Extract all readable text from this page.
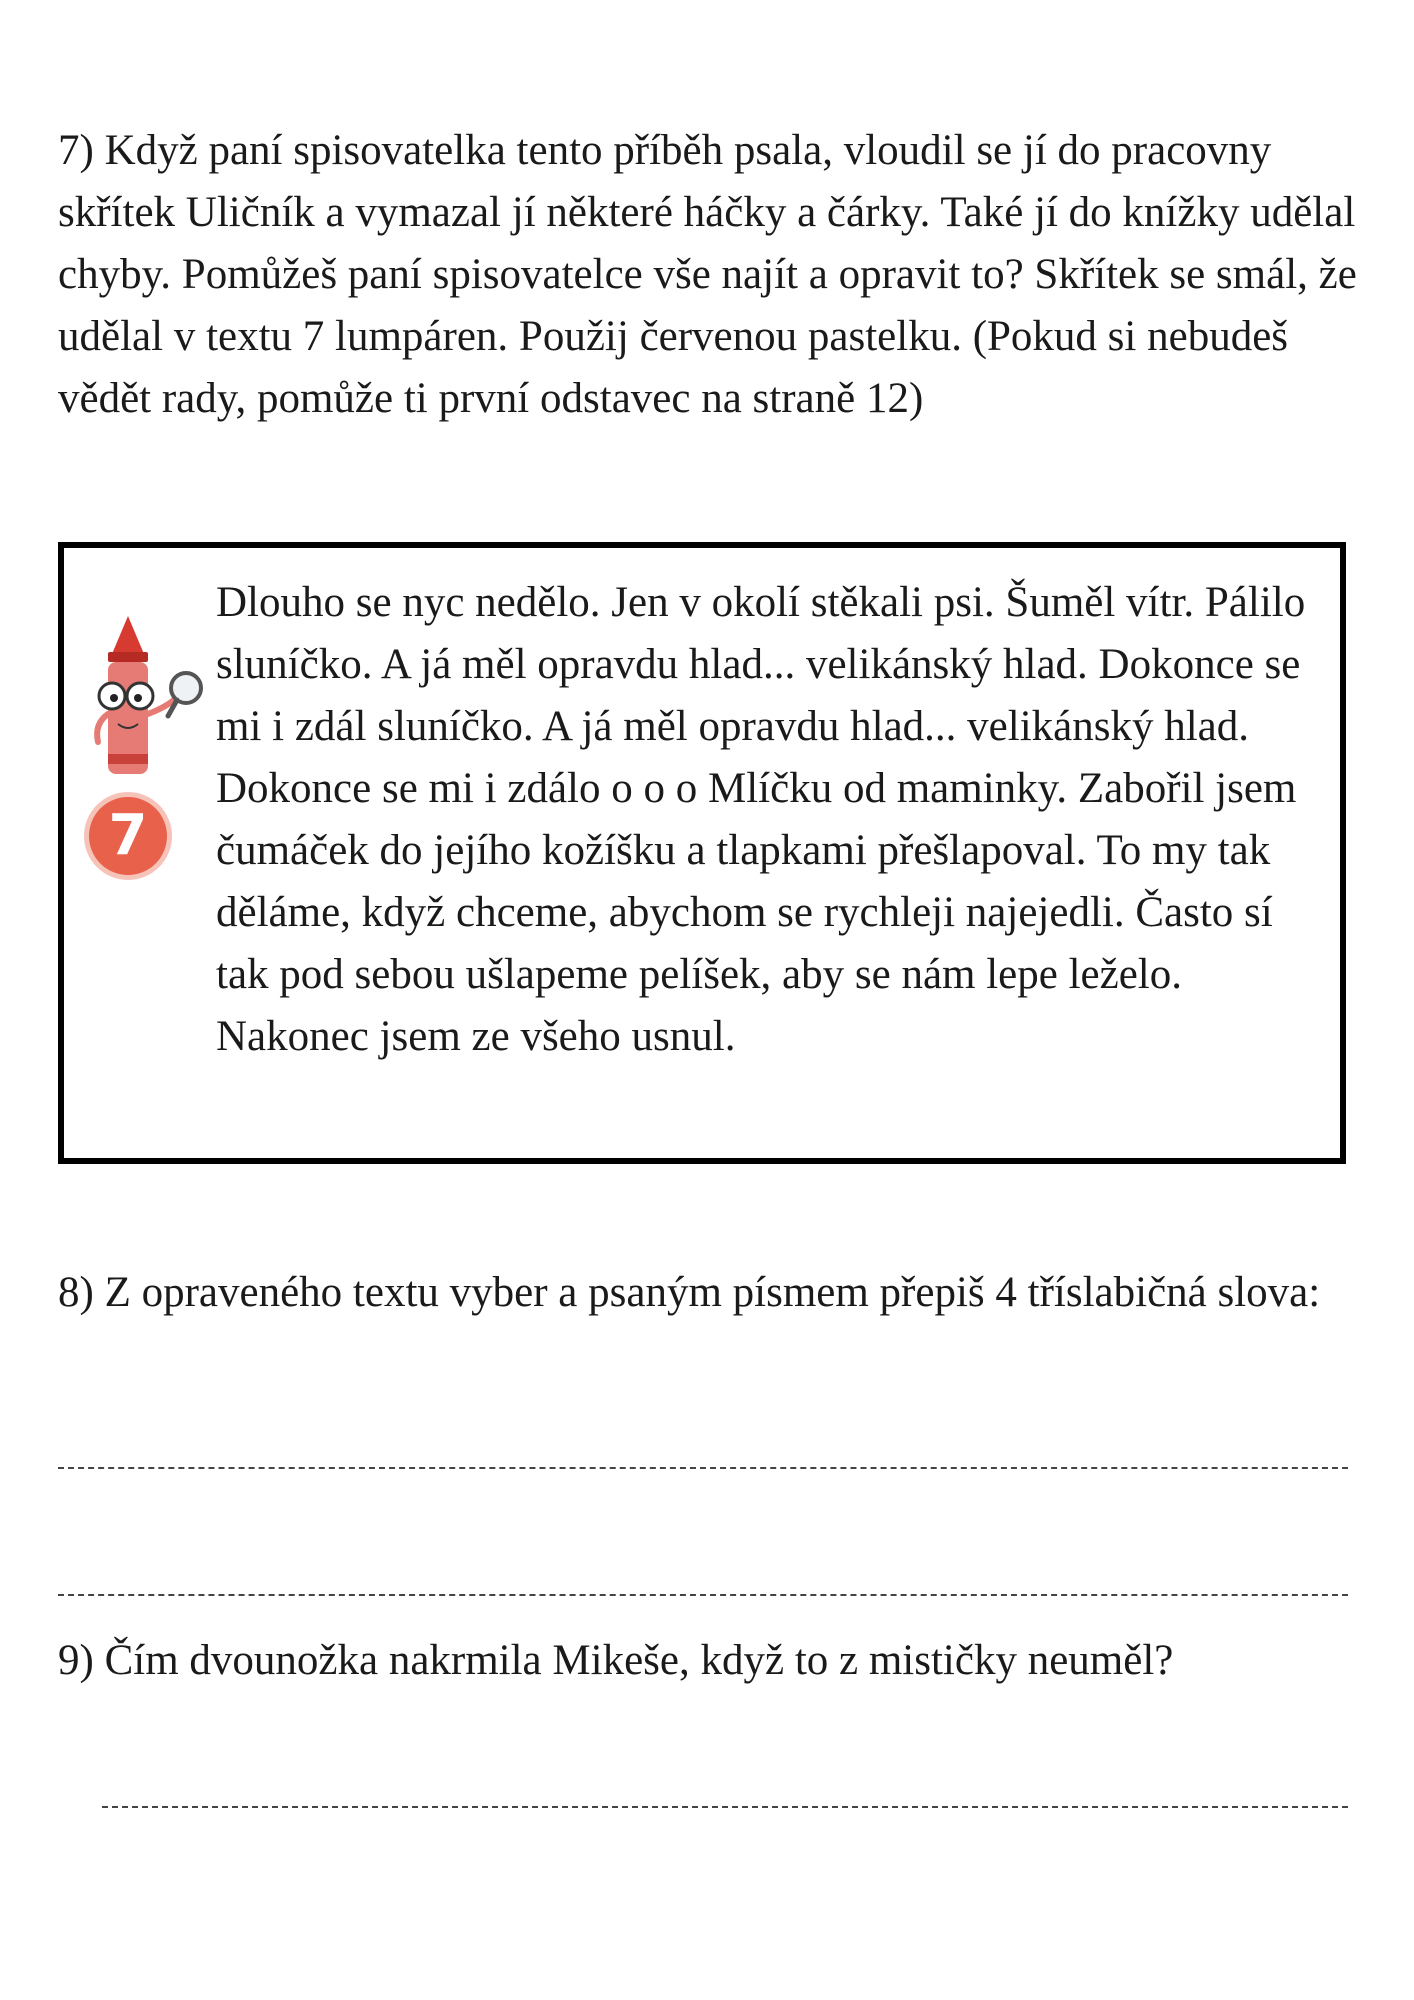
7) Když paní spisovatelka tento příběh psala, vloudil se jí do pracovny skřítek Uličník a vymazal jí některé háčky a čárky. Také jí do knížky udělal chyby. Pomůžeš paní spisovatelce vše najít a opravit to? Skřítek se smál, že udělal v textu 7 lumpáren. Použij červenou pastelku. (Pokud si nebudeš vědět rady, pomůže ti první odstavec na straně 12)

7

Dlouho se nyc nedělo. Jen v okolí stěkali psi. Šuměl vítr. Pálilo sluníčko. A já měl opravdu hlad... velikánský hlad. Dokonce se mi i zdál sluníčko. A já měl opravdu hlad... velikánský hlad. Dokonce se mi i zdálo o o o Mlíčku od maminky. Zabořil jsem čumáček do jejího kožíšku a tlapkami přešlapoval. To my tak děláme, když chceme, abychom se rychleji najejedli. Často sí tak pod sebou ušlapeme pelíšek, aby se nám lepe leželo. Nakonec jsem ze všeho usnul.

8) Z opraveného textu vyber a psaným písmem přepiš 4 tříslabičná slova:

9) Čím dvounožka nakrmila Mikeše, když to z mističky neuměl?
